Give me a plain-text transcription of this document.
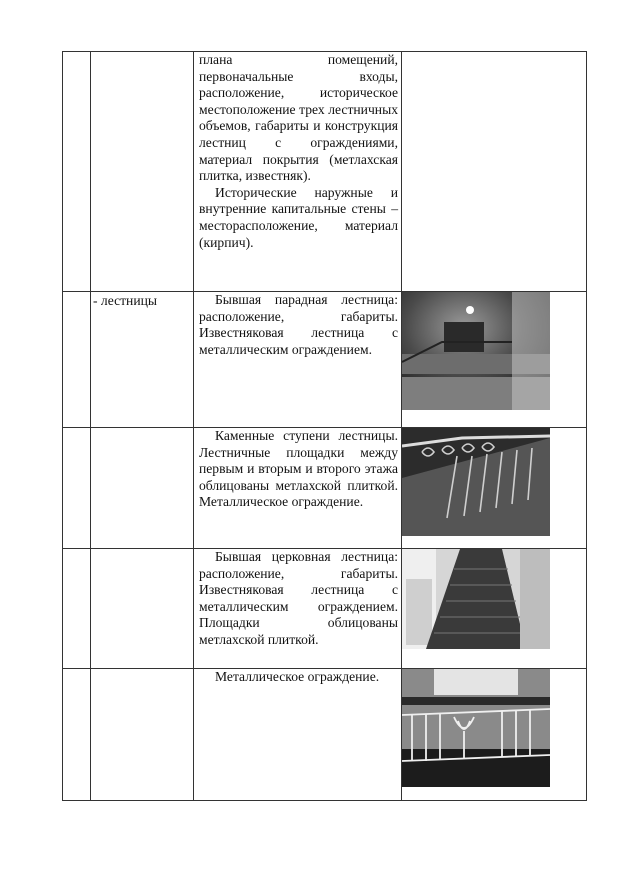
		плана помещений, первоначальные входы, расположение, историческое местоположение трех лестничных объемов, габариты и конструкция лестниц с ограждениями, материал покрытия (метлахская плитка, известняк).

Исторические наружные и внутренние капитальные стены – месторасположение, материал (кирпич).	

	- лестницы	Бывшая парадная лестница: расположение, габариты. Известняковая лестница с металлическим ограждением.

		Каменные ступени лестницы. Лестничные площадки между первым и вторым и второго этажа облицованы метлахской плиткой. Металлическое ограждение.

		Бывшая церковная лестница: расположение, габариты. Известняковая лестница с металлическим ограждением. Площадки облицованы метлахской плиткой.

		Металлическое ограждение.
